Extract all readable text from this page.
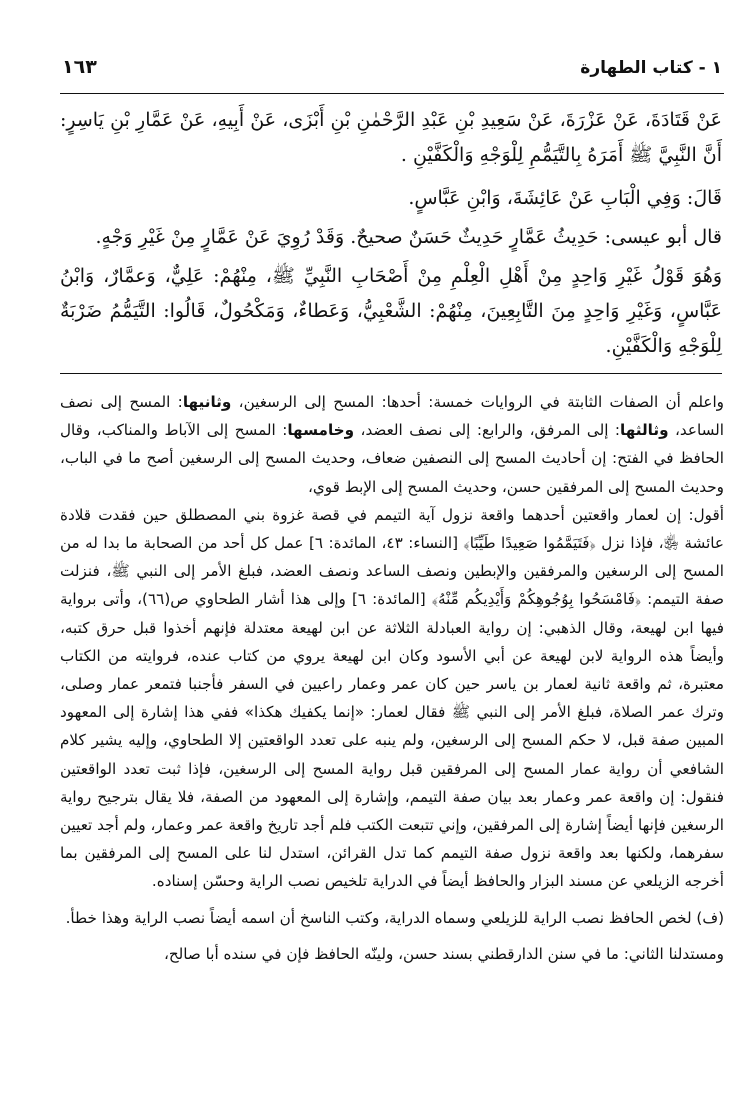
١ - كتاب الطهارة
١٦٣

عَنْ قَتَادَةَ، عَنْ عَزْرَةَ، عَنْ سَعِيدِ بْنِ عَبْدِ الرَّحْمٰنِ بْنِ أَبْزَى، عَنْ أَبِيهِ، عَنْ عَمَّارِ بْنِ يَاسِرٍ: أَنَّ النَّبِيَّ ﷺ أَمَرَهُ بِالتَّيَمُّمِ لِلْوَجْهِ وَالْكَفَّيْنِ .

قَالَ: وَفِي الْبَابِ عَنْ عَائِشَةَ، وَابْنِ عَبَّاسٍ.

قال أبو عيسى: حَدِيثُ عَمَّارٍ حَدِيثٌ حَسَنٌ صحيحٌ. وَقَدْ رُوِيَ عَنْ عَمَّارٍ مِنْ غَيْرِ وَجْهٍ.

وَهُوَ قَوْلُ غَيْرِ وَاحِدٍ مِنْ أَهْلِ الْعِلْمِ مِنْ أَصْحَابِ النَّبِيِّ ﷺ، مِنْهُمْ: عَلِيٌّ، وَعمَّارٌ، وَابْنُ عَبَّاسٍ، وَغَيْرِ وَاحِدٍ مِنَ التَّابِعِينَ، مِنْهُمْ: الشَّعْبِيُّ، وَعَطاءٌ، وَمَكْحُولٌ، قَالُوا: التَّيَمُّمُ ضَرْبَةٌ لِلْوَجْهِ وَالْكَفَّيْنِ.

واعلم أن الصفات الثابتة في الروايات خمسة: أحدها: المسح إلى الرسغين، وثانيها: المسح إلى نصف الساعد، وثالثها: إلى المرفق، والرابع: إلى نصف العضد، وخامسها: المسح إلى الآباط والمناكب، وقال الحافظ في الفتح: إن أحاديث المسح إلى النصفين ضعاف، وحديث المسح إلى الرسغين أصح ما في الباب، وحديث المسح إلى المرفقين حسن، وحديث المسح إلى الإبط قوي،

أقول: إن لعمار واقعتين أحدهما واقعة نزول آية التيمم في قصة غزوة بني المصطلق حين فقدت قلادة عائشة ﵂، فإذا نزل ﴿فَتَيَمَّمُوا صَعِيدًا طَيِّبًا﴾ [النساء: ٤٣، المائدة: ٦] عمل كل أحد من الصحابة ما بدا له من المسح إلى الرسغين والمرفقين والإبطين ونصف الساعد ونصف العضد، فبلغ الأمر إلى النبي ﷺ، فنزلت صفة التيمم: ﴿فَامْسَحُوا بِوُجُوهِكُمْ وَأَيْدِيكُم مِّنْهُ﴾ [المائدة: ٦] وإلى هذا أشار الطحاوي ص(٦٦)، وأتى برواية فيها ابن لهيعة، وقال الذهبي: إن رواية العبادلة الثلاثة عن ابن لهيعة معتدلة فإنهم أخذوا قبل حرق كتبه، وأيضاً هذه الرواية لابن لهيعة عن أبي الأسود وكان ابن لهيعة يروي من كتاب عنده، فروايته من الكتاب معتبرة، ثم واقعة ثانية لعمار بن ياسر حين كان عمر وعمار راعيين في السفر فأجنبا فتمعر عمار وصلى، وترك عمر الصلاة، فبلغ الأمر إلى النبي ﷺ فقال لعمار: «إنما يكفيك هكذا» ففي هذا إشارة إلى المعهود المبين صفة قبل، لا حكم المسح إلى الرسغين، ولم ينبه على تعدد الواقعتين إلا الطحاوي، وإليه يشير كلام الشافعي أن رواية عمار المسح إلى المرفقين قبل رواية المسح إلى الرسغين، فإذا ثبت تعدد الواقعتين فنقول: إن واقعة عمر وعمار بعد بيان صفة التيمم، وإشارة إلى المعهود من الصفة، فلا يقال بترجيح رواية الرسغين فإنها أيضاً إشارة إلى المرفقين، وإني تتبعت الكتب فلم أجد تاريخ واقعة عمر وعمار، ولم أجد تعيين سفرهما، ولكنها بعد واقعة نزول صفة التيمم كما تدل القرائن، استدل لنا على المسح إلى المرفقين بما أخرجه الزيلعي عن مسند البزار والحافظ أيضاً في الدراية تلخيص نصب الراية وحسّن إسناده.

(ف) لخص الحافظ نصب الراية للزيلعي وسماه الدراية، وكتب الناسخ أن اسمه أيضاً نصب الراية وهذا خطأ.

ومستدلنا الثاني: ما في سنن الدارقطني بسند حسن، ولينّه الحافظ فإن في سنده أبا صالح،
